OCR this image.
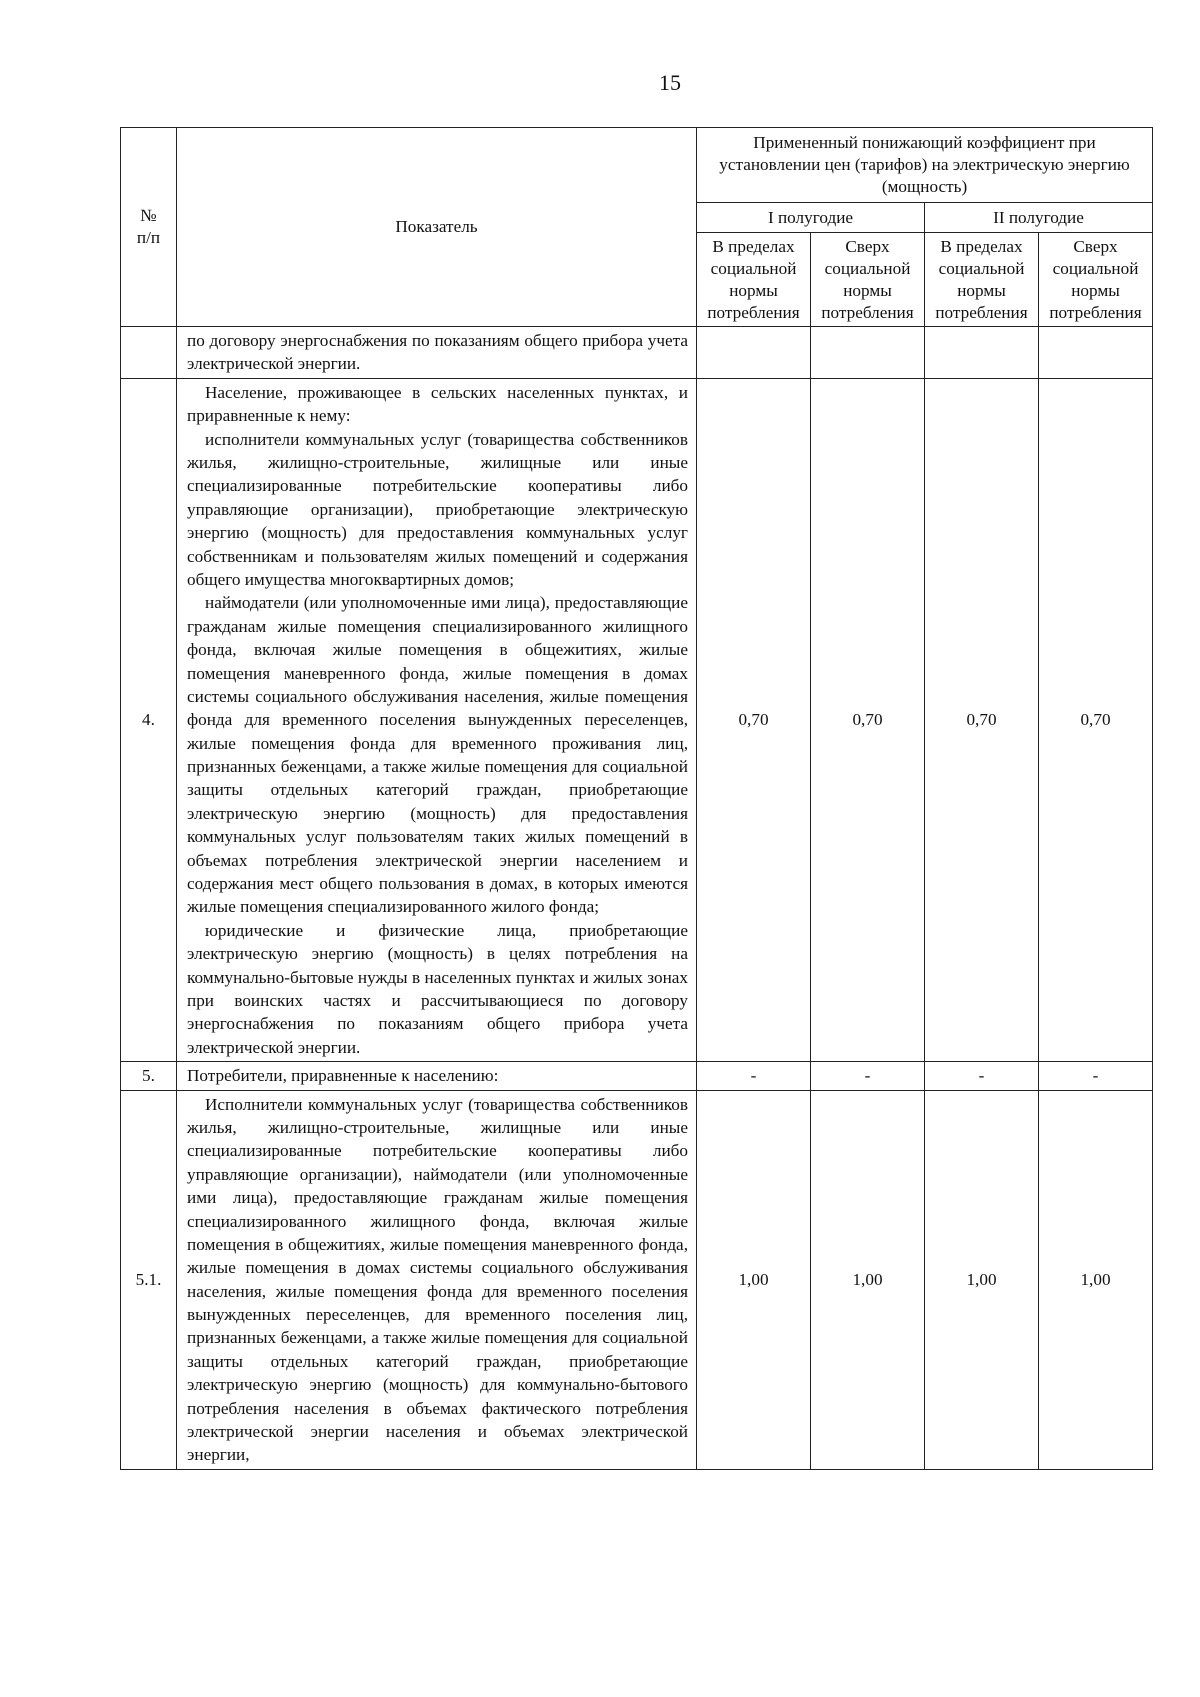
15
№
п/п	Показатель	Примененный понижающий коэффициент при установлении цен (тарифов) на электрическую энергию (мощность)			
		I полугодие		II полугодие	
		В пределах социальной нормы потребления	Сверх социальной нормы потребления	В пределах социальной нормы потребления	Сверх социальной нормы потребления

	по договору энергоснабжения по показаниям общего прибора учета электрической энергии.				

4.	Население, проживающее в сельских населенных пунктах, и приравненные к нему:

исполнители коммунальных услуг (товарищества собственников жилья, жилищно-строительные, жилищные или иные специализированные потребительские кооперативы либо управляющие организации), приобретающие электрическую энергию (мощность) для предоставления коммунальных услуг собственникам и пользователям жилых помещений и содержания общего имущества многоквартирных домов;

наймодатели (или уполномоченные ими лица), предоставляющие гражданам жилые помещения специализированного жилищного фонда, включая жилые помещения в общежитиях, жилые помещения маневренного фонда, жилые помещения в домах системы социального обслуживания населения, жилые помещения фонда для временного поселения вынужденных переселенцев, жилые помещения фонда для временного проживания лиц, признанных беженцами, а также жилые помещения для социальной защиты отдельных категорий граждан, приобретающие электрическую энергию (мощность) для предоставления коммунальных услуг пользователям таких жилых помещений в объемах потребления электрической энергии населением и содержания мест общего пользования в домах, в которых имеются жилые помещения специализированного жилого фонда;

юридические и физические лица, приобретающие электрическую энергию (мощность) в целях потребления на коммунально-бытовые нужды в населенных пунктах и жилых зонах при воинских частях и рассчитывающиеся по договору энергоснабжения по показаниям общего прибора учета электрической энергии.	0,70	0,70	0,70	0,70
5.	Потребители, приравненные к населению:	-	-	-	-
5.1.	Исполнители коммунальных услуг (товарищества собственников жилья, жилищно-строительные, жилищные или иные специализированные потребительские кооперативы либо управляющие организации), наймодатели (или уполномоченные ими лица), предоставляющие гражданам жилые помещения специализированного жилищного фонда, включая жилые помещения в общежитиях, жилые помещения маневренного фонда, жилые помещения в домах системы социального обслуживания населения, жилые помещения фонда для временного поселения вынужденных переселенцев, для временного поселения лиц, признанных беженцами, а также жилые помещения для социальной защиты отдельных категорий граждан, приобретающие электрическую энергию (мощность) для коммунально-бытового потребления населения в объемах фактического потребления электрической энергии населения и объемах электрической энергии,	1,00	1,00	1,00	1,00
